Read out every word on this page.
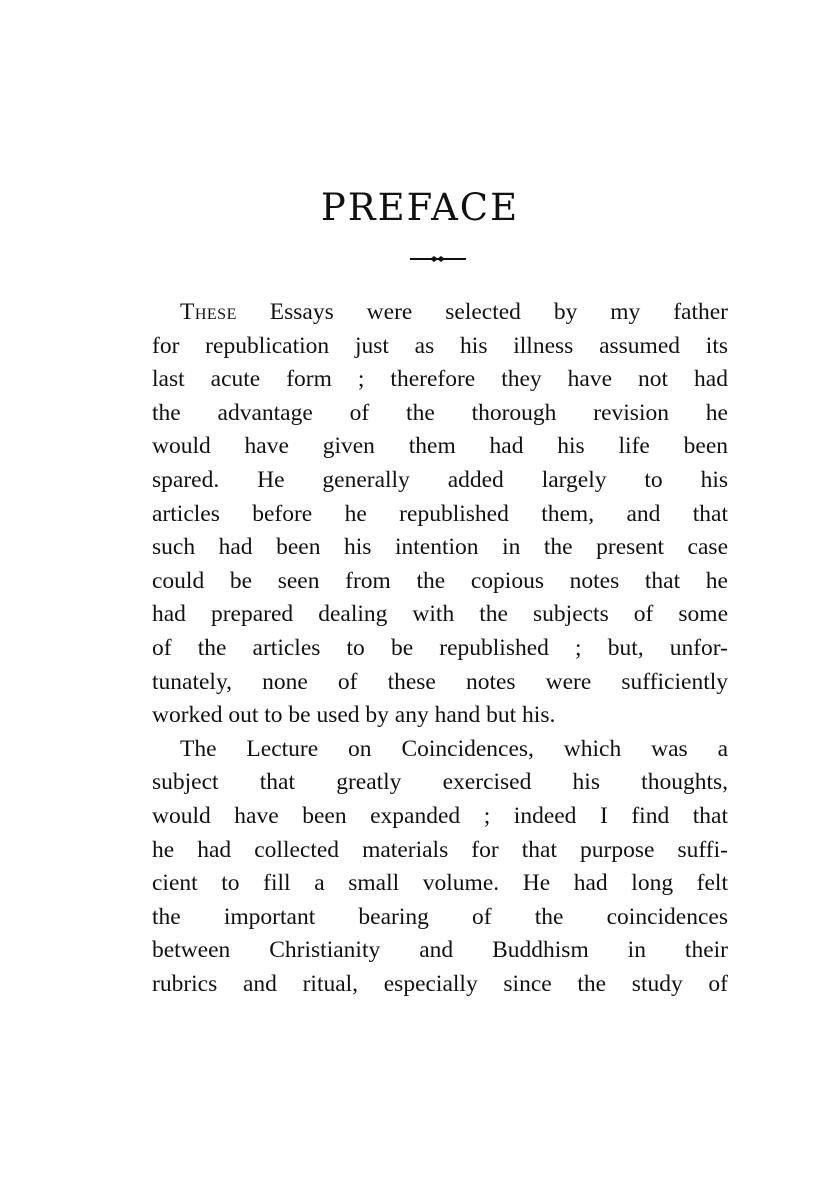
PREFACE
These Essays were selected by my father
for republication just as his illness assumed its
last acute form ; therefore they have not had
the advantage of the thorough revision he
would have given them had his life been
spared. He generally added largely to his
articles before he republished them, and that
such had been his intention in the present case
could be seen from the copious notes that he
had prepared dealing with the subjects of some
of the articles to be republished ; but, unfor-
tunately, none of these notes were sufficiently
worked out to be used by any hand but his.
The Lecture on Coincidences, which was a
subject that greatly exercised his thoughts,
would have been expanded ; indeed I find that
he had collected materials for that purpose suffi-
cient to fill a small volume. He had long felt
the important bearing of the coincidences
between Christianity and Buddhism in their
rubrics and ritual, especially since the study of
